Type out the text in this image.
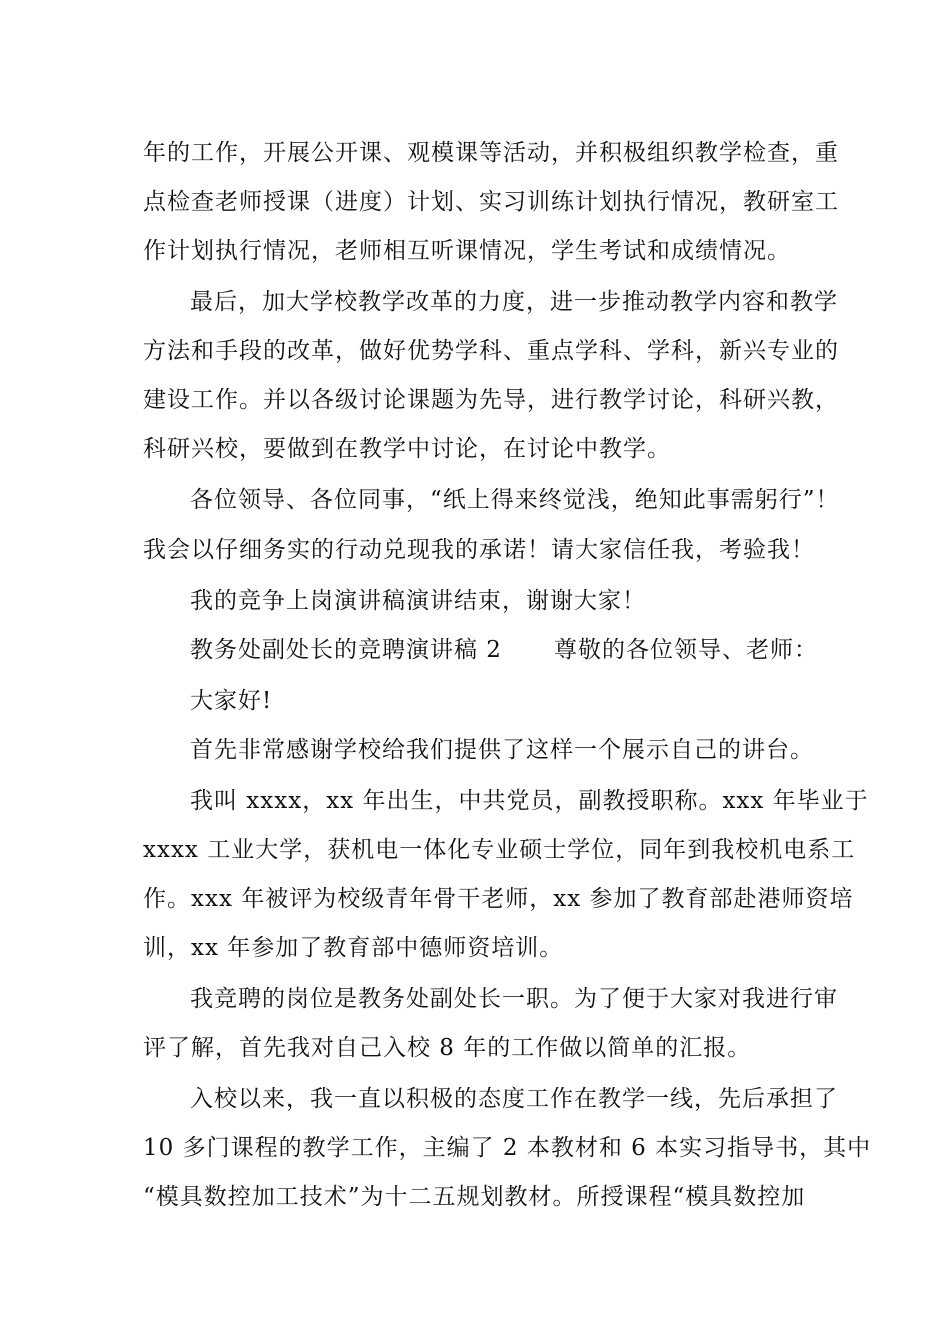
年的工作，开展公开课、观模课等活动，并积极组织教学检查，重
点检查老师授课（进度）计划、实习训练计划执行情况，教研室工
作计划执行情况，老师相互听课情况，学生考试和成绩情况。
最后，加大学校教学改革的力度，进一步推动教学内容和教学
方法和手段的改革，做好优势学科、重点学科、学科，新兴专业的
建设工作。并以各级讨论课题为先导，进行教学讨论，科研兴教，
科研兴校，要做到在教学中讨论，在讨论中教学。
各位领导、各位同事，“纸上得来终觉浅，绝知此事需躬行”！
我会以仔细务实的行动兑现我的承诺！请大家信任我，考验我！
我的竞争上岗演讲稿演讲结束，谢谢大家！
教务处副处长的竞聘演讲稿 2 尊敬的各位领导、老师：
大家好!
首先非常感谢学校给我们提供了这样一个展示自己的讲台。
我叫 xxxx，xx 年出生，中共党员，副教授职称。xxx 年毕业于
xxxx 工业大学，获机电一体化专业硕士学位，同年到我校机电系工
作。xxx 年被评为校级青年骨干老师，xx 参加了教育部赴港师资培
训，xx 年参加了教育部中德师资培训。
我竞聘的岗位是教务处副处长一职。为了便于大家对我进行审
评了解，首先我对自己入校 8 年的工作做以简单的汇报。
入校以来，我一直以积极的态度工作在教学一线，先后承担了
10 多门课程的教学工作，主编了 2 本教材和 6 本实习指导书，其中
“模具数控加工技术”为十二五规划教材。所授课程“模具数控加
